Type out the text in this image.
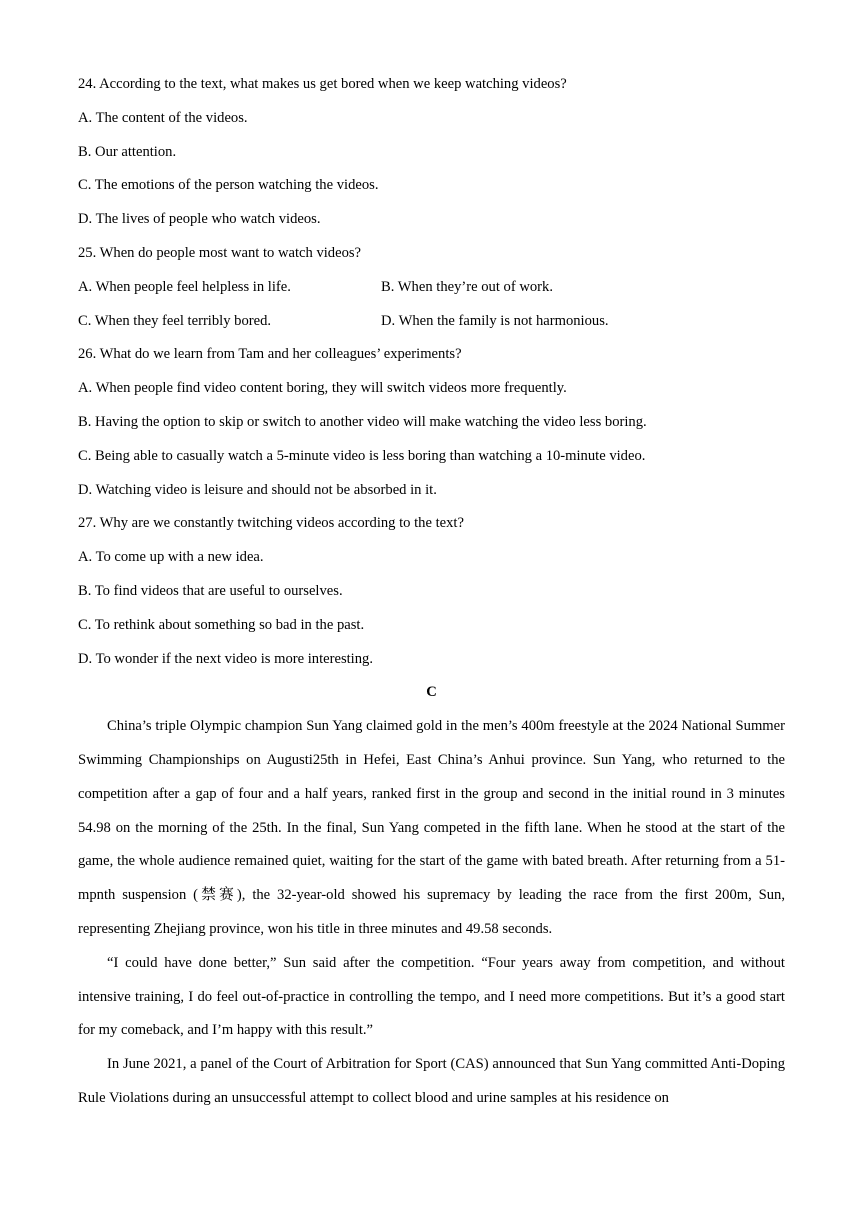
24. According to the text, what makes us get bored when we keep watching videos?
A. The content of the videos.
B. Our attention.
C. The emotions of the person watching the videos.
D. The lives of people who watch videos.
25. When do people most want to watch videos?
A. When people feel helpless in life.	B. When they’re out of work.
C. When they feel terribly bored.	D. When the family is not harmonious.
26. What do we learn from Tam and her colleagues’ experiments?
A. When people find video content boring, they will switch videos more frequently.
B. Having the option to skip or switch to another video will make watching the video less boring.
C. Being able to casually watch a 5-minute video is less boring than watching a 10-minute video.
D. Watching video is leisure and should not be absorbed in it.
27. Why are we constantly twitching videos according to the text?
A. To come up with a new idea.
B. To find videos that are useful to ourselves.
C. To rethink about something so bad in the past.
D. To wonder if the next video is more interesting.
C

China’s triple Olympic champion Sun Yang claimed gold in the men’s 400m freestyle at the 2024 National Summer Swimming Championships on Augusti25th in Hefei, East China’s Anhui province. Sun Yang, who returned to the competition after a gap of four and a half years, ranked first in the group and second in the initial round in 3 minutes 54.98 on the morning of the 25th. In the final, Sun Yang competed in the fifth lane. When he stood at the start of the game, the whole audience remained quiet, waiting for the start of the game with bated breath. After returning from a 51-mpnth suspension (禁赛), the 32-year-old showed his supremacy by leading the race from the first 200m, Sun, representing Zhejiang province, won his title in three minutes and 49.58 seconds.

“I could have done better,” Sun said after the competition. “Four years away from competition, and without intensive training, I do feel out-of-practice in controlling the tempo, and I need more competitions. But it’s a good start for my comeback, and I’m happy with this result.”

In June 2021, a panel of the Court of Arbitration for Sport (CAS) announced that Sun Yang committed Anti-Doping Rule Violations during an unsuccessful attempt to collect blood and urine samples at his residence on
